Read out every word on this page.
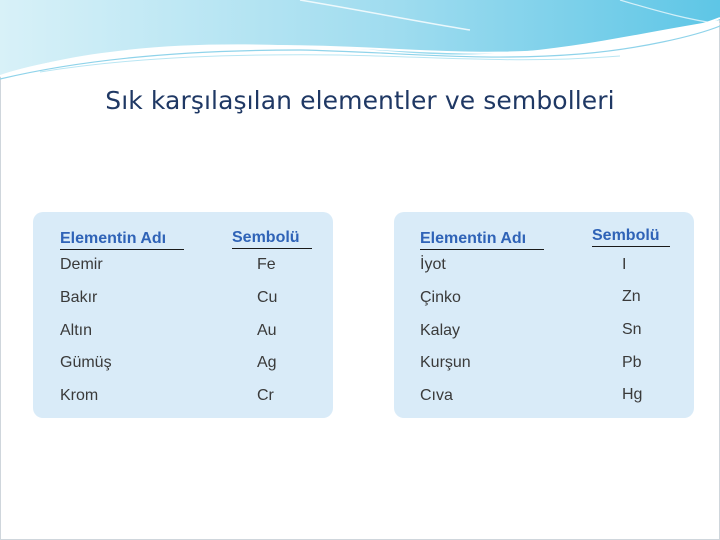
Sık karşılaşılan elementler ve sembolleri
Elementin Adı	Sembolü
Demir	Fe
Bakır	Cu
Altın	Au
Gümüş	Ag
Krom	Cr
Elementin Adı	Sembolü
İyot	I
Çinko	Zn
Kalay	Sn
Kurşun	Pb
Cıva	Hg
